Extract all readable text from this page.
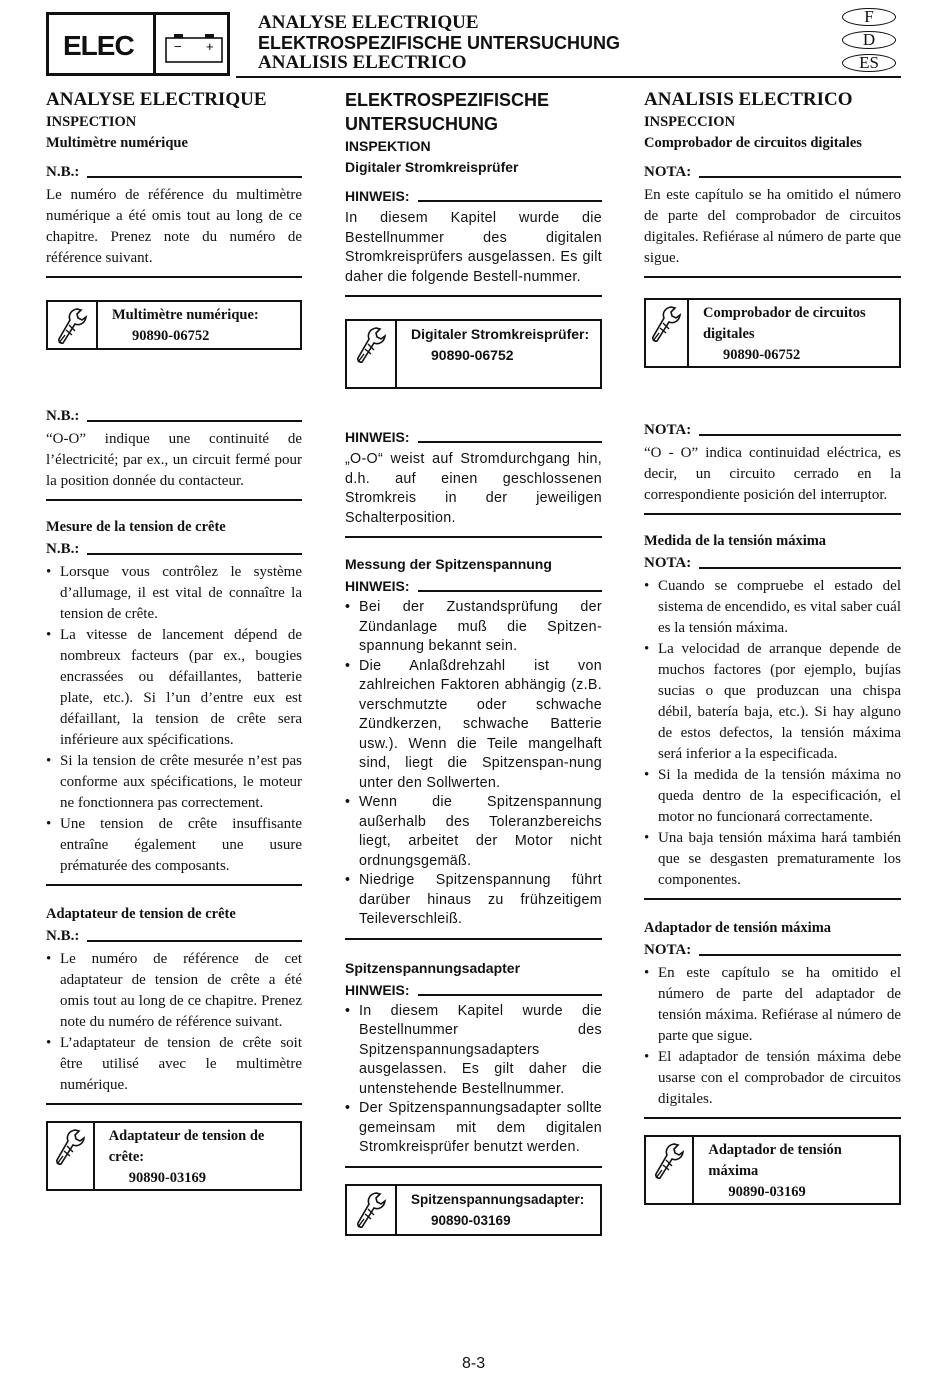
ELEC	− +
ANALYSE ELECTRIQUE
ELEKTROSPEZIFISCHE UNTERSUCHUNG
ANALISIS ELECTRICO
F
D
ES
ANALYSE ELECTRIQUE
INSPECTION
Multimètre numérique
N.B.:
Le numéro de référence du multimètre numérique a été omis tout au long de ce chapitre. Prenez note du numéro de référence suivant.
Multimètre numérique:
90890-06752
N.B.:
“O-O” indique une continuité de l’électricité; par ex., un circuit fermé pour la position donnée du contacteur.
Mesure de la tension de crête
N.B.:
• Lorsque vous contrôlez le système d’allumage, il est vital de connaître la tension de crête.
• La vitesse de lancement dépend de nombreux facteurs (par ex., bougies encrassées ou défaillantes, batterie plate, etc.). Si l’un d’entre eux est défaillant, la tension de crête sera inférieure aux spécifications.
• Si la tension de crête mesurée n’est pas conforme aux spécifications, le moteur ne fonctionnera pas correctement.
• Une tension de crête insuffisante entraîne également une usure prématurée des composants.
Adaptateur de tension de crête
N.B.:
• Le numéro de référence de cet adaptateur de tension de crête a été omis tout au long de ce chapitre. Prenez note du numéro de référence suivant.
• L’adaptateur de tension de crête soit être utilisé avec le multimètre numérique.
Adaptateur de tension de crête:
90890-03169
ELEKTROSPEZIFISCHE UNTERSUCHUNG
INSPEKTION
Digitaler Stromkreisprüfer
HINWEIS:
In diesem Kapitel wurde die Bestellnummer des digitalen Stromkreisprüfers ausgelassen. Es gilt daher die folgende Bestell-nummer.
Digitaler Stromkreisprüfer:
90890-06752
HINWEIS:
„O-O“ weist auf Stromdurchgang hin, d.h. auf einen geschlossenen Stromkreis in der jeweiligen Schalterposition.
Messung der Spitzenspannung
HINWEIS:
• Bei der Zustandsprüfung der Zündanlage muß die Spitzen-spannung bekannt sein.
• Die Anlaßdrehzahl ist von zahlreichen Faktoren abhängig (z.B. verschmutzte oder schwache Zündkerzen, schwache Batterie usw.). Wenn die Teile mangelhaft sind, liegt die Spitzenspan-nung unter den Sollwerten.
• Wenn die Spitzenspannung außerhalb des Toleranzbereichs liegt, arbeitet der Motor nicht ordnungsgemäß.
• Niedrige Spitzenspannung führt darüber hinaus zu frühzeitigem Teileverschleiß.
Spitzenspannungsadapter
HINWEIS:
• In diesem Kapitel wurde die Bestellnummer des Spitzenspannungsadapters ausgelassen. Es gilt daher die untenstehende Bestellnummer.
• Der Spitzenspannungsadapter sollte gemeinsam mit dem digitalen Stromkreisprüfer benutzt werden.
Spitzenspannungsadapter:
90890-03169
ANALISIS ELECTRICO
INSPECCION
Comprobador de circuitos digitales
NOTA:
En este capítulo se ha omitido el número de parte del comprobador de circuitos digitales. Refiérase al número de parte que sigue.
Comprobador de circuitos digitales
90890-06752
NOTA:
“O - O” indica continuidad eléctrica, es decir, un circuito cerrado en la correspondiente posición del interruptor.
Medida de la tensión máxima
NOTA:
• Cuando se compruebe el estado del sistema de encendido, es vital saber cuál es la tensión máxima.
• La velocidad de arranque depende de muchos factores (por ejemplo, bujías sucias o que produzcan una chispa débil, batería baja, etc.). Si hay alguno de estos defectos, la tensión máxima será inferior a la especificada.
• Si la medida de la tensión máxima no queda dentro de la especificación, el motor no funcionará correctamente.
• Una baja tensión máxima hará también que se desgasten prematuramente los componentes.
Adaptador de tensión máxima
NOTA:
• En este capítulo se ha omitido el número de parte del adaptador de tensión máxima. Refiérase al número de parte que sigue.
• El adaptador de tensión máxima debe usarse con el comprobador de circuitos digitales.
Adaptador de tensión máxima
90890-03169
8-3
